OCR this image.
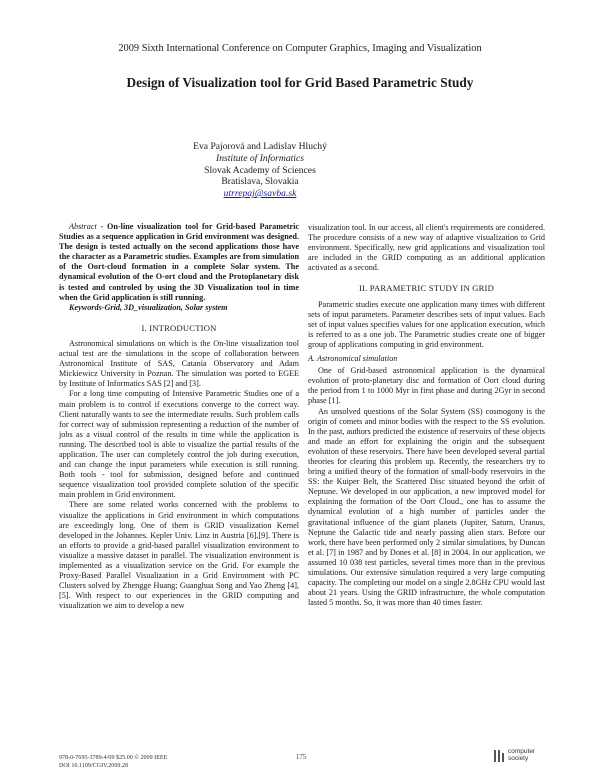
2009 Sixth International Conference on Computer Graphics, Imaging and Visualization
Design of Visualization tool for Grid Based Parametric Study
Eva Pajorová and Ladislav Hluchý
Institute of Informatics
Slovak Academy of Sciences
Bratislava, Slovakia
utrrepaj@savba.sk

Abstract - On-line visualization tool for Grid-based Parametric Studies as a sequence application in Grid environment was designed. The design is tested actually on the second applications those have the character as a Parametric studies. Examples are from simulation of the Oort-cloud formation in a complete Solar system. The dynamical evolution of the O-ort cloud and the Protoplanetary disk is tested and controled by using the 3D Visualization tool in time when the Grid application is still running.

Keywords-Grid, 3D_visualization, Solar system

I. INTRODUCTION

Astronomical simulations on which is the On-line visualization tool actual test are the simulations in the scope of collaboration between Astronomical Institute of SAS, Catania Observatory and Adam Mickiewicz University in Poznan. The simulation was ported to EGEE by Institute of Informatics SAS [2] and [3].

For a long time computing of Intensive Parametric Studies one of a main problem is to control if executions converge to the correct way. Client naturally wants to see the intermediate results. Such problem calls for correct way of submission representing a reduction of the number of jobs as a visual control of the results in time while the application is running. The described tool is able to visualize the partial results of the application. The user can completely control the job during execution, and can change the input parameters while execution is still running. Both tools - tool for submission, designed before and continued sequence visualization tool provided complete solution of the specific main problem in Grid environment.

There are some related works concerned with the problems to visualize the applications in Grid environment in which computations are exceedingly long. One of them is GRID visualization Kernel developed in the Johannes. Kepler Univ. Linz in Austria [6],[9]. There is an efforts to provide a grid-based parallel visualization environment to visualize a massive dataset in parallel. The visualization environment is implemented as a visualization service on the Grid. For example the Proxy-Based Parallel Visualization in a Grid Environment with PC Clusters solved by Zhengge Huang; Guanghua Song and Yao Zheng [4],[5]. With respect to our experiences in the GRID computing and visualization we aim to develop a new

visualization tool. In our access, all client's requirements are considered. The procedure consists of a new way of adaptive visualization to Grid environment. Specifically, new grid applications and visualization tool are included in the GRID computing as an additional application activated as a second.

II. PARAMETRIC STUDY IN GRID

Parametric studies execute one application many times with different sets of input parameters. Parameter describes sets of input values. Each set of input values specifies values for one application execution, which is referred to as a one job. The Parametric studies create one of bigger group of applications computing in grid environment.

A. Astronomical simulation

One of Grid-based astronomical application is the dynamical evolution of proto-planetary disc and formation of Oort cloud during the period from 1 to 1000 Myr in first phase and during 2Gyr in second phase [1].

An unsolved questions of the Solar System (SS) cosmogony is the origin of comets and minor bodies with the respect to the SS evolution. In the past, authors predicted the existence of reservoirs of these objects and made an effort for explaining the origin and the subsequent evolution of these reservoirs. There have been developed several partial theories for clearing this problem up. Recently, the researchers try to bring a unified theory of the formation of small-body reservoirs in the SS: the Kuiper Belt, the Scattered Disc situated beyond the orbit of Neptune. We developed in our application, a new improved model for explaining the formation of the Oort Cloud., one has to assume the dynamical evolution of a high number of particles under the gravitational influence of the giant planets (Jupiter, Saturn, Uranus, Neptune the Galactic tide and nearly passing alien stars. Before our work, there have been performed only 2 similar simulations, by Duncan et al. [7] in 1987 and by Dones et al. [8] in 2004. In our application, we assumed 10 038 test particles, several times more than in the previous simulations. Our extensive simulation required a very large computing capacity. The completing our model on a single 2.8GHz CPU would last about 21 years. Using the GRID infrastructure, the whole computation lasted 5 months. So, it was more than 40 times faster.

978-0-7695-3789-4/09 $25.00 © 2009 IEEE
DOI 10.1109/CGIV.2009.28
175
computer
society
